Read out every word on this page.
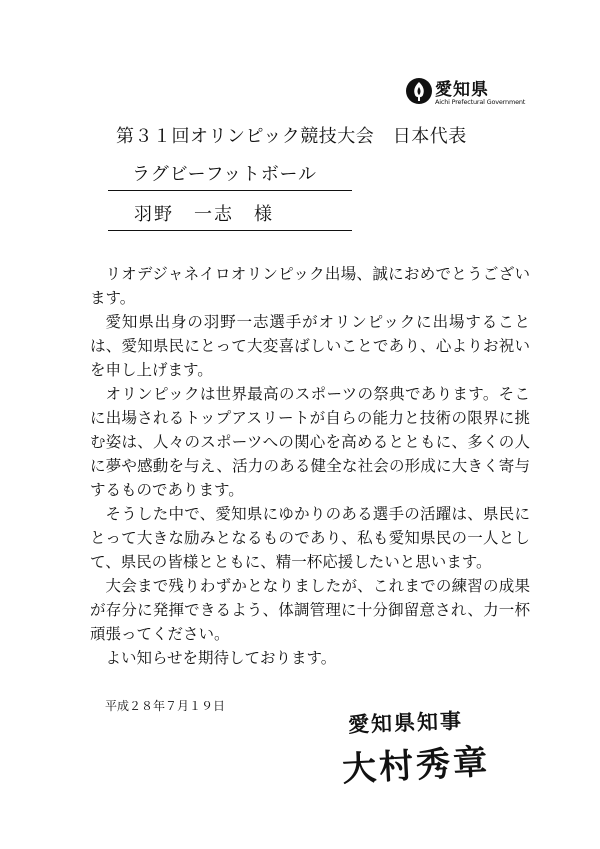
愛知県
Aichi Prefectural Government
第３１回オリンピック競技大会　日本代表
ラグビーフットボール
羽野　一志　様

リオデジャネイロオリンピック出場、誠におめでとうございます。

愛知県出身の羽野一志選手がオリンピックに出場することは、愛知県民にとって大変喜ばしいことであり、心よりお祝いを申し上げます。

オリンピックは世界最高のスポーツの祭典であります。そこに出場されるトップアスリートが自らの能力と技術の限界に挑む姿は、人々のスポーツへの関心を高めるとともに、多くの人に夢や感動を与え、活力のある健全な社会の形成に大きく寄与するものであります。

そうした中で、愛知県にゆかりのある選手の活躍は、県民にとって大きな励みとなるものであり、私も愛知県民の一人として、県民の皆様とともに、精一杯応援したいと思います。

大会まで残りわずかとなりましたが、これまでの練習の成果が存分に発揮できるよう、体調管理に十分御留意され、力一杯頑張ってください。

よい知らせを期待しております。

平成２８年７月１９日
愛知県知事
大村秀章
